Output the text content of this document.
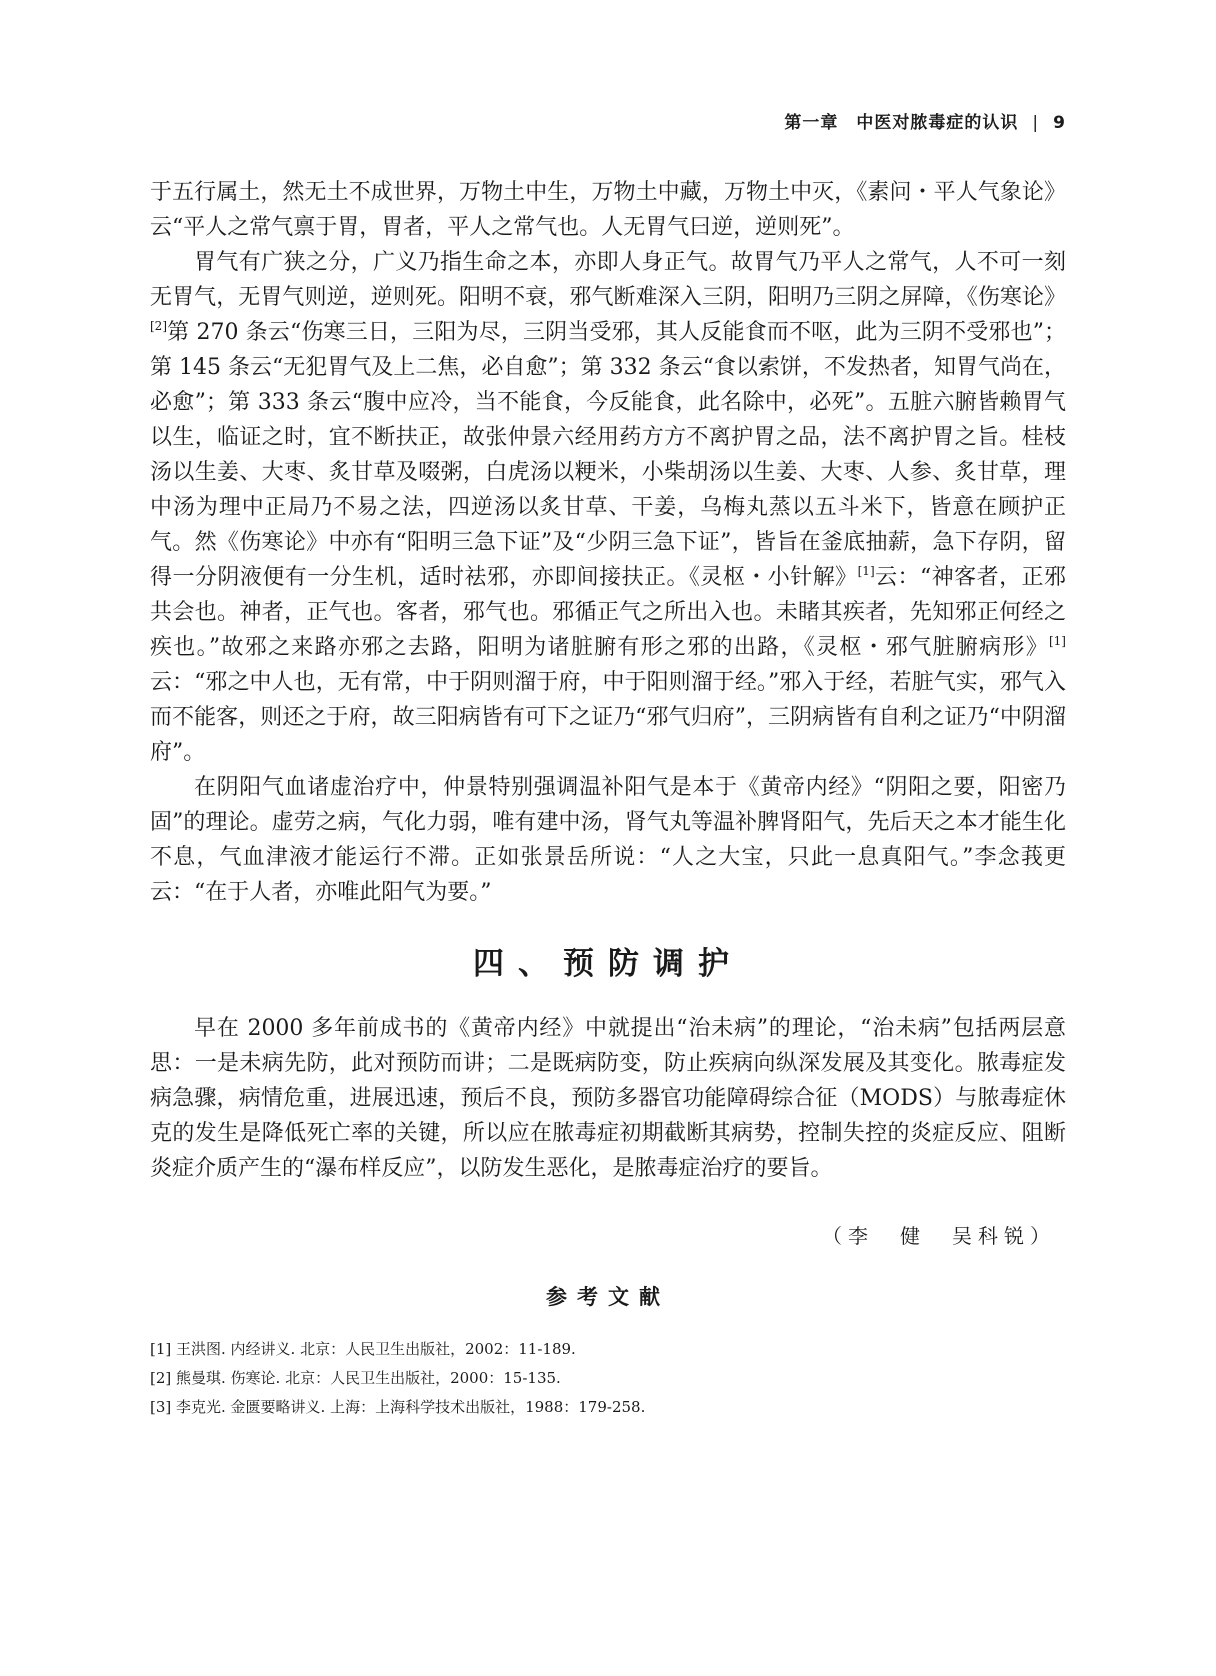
第一章　 中医对脓毒症的认识 | 9

于五行属土，然无土不成世界，万物土中生，万物土中藏，万物土中灭，《素问・平人气象论》云“平人之常气禀于胃，胃者，平人之常气也。人无胃气曰逆，逆则死”。

胃气有广狭之分，广义乃指生命之本，亦即人身正气。故胃气乃平人之常气，人不可一刻无胃气，无胃气则逆，逆则死。阳明不衰，邪气断难深入三阴，阳明乃三阴之屏障，《伤寒论》[2]第 270 条云“伤寒三日，三阳为尽，三阴当受邪，其人反能食而不呕，此为三阴不受邪也”；第 145 条云“无犯胃气及上二焦，必自愈”；第 332 条云“食以索饼，不发热者，知胃气尚在，必愈”；第 333 条云“腹中应冷，当不能食，今反能食，此名除中，必死”。五脏六腑皆赖胃气以生，临证之时，宜不断扶正，故张仲景六经用药方方不离护胃之品，法不离护胃之旨。桂枝汤以生姜、大枣、炙甘草及啜粥，白虎汤以粳米，小柴胡汤以生姜、大枣、人参、炙甘草，理中汤为理中正局乃不易之法，四逆汤以炙甘草、干姜，乌梅丸蒸以五斗米下，皆意在顾护正气。然《伤寒论》中亦有“阳明三急下证”及“少阴三急下证”，皆旨在釜底抽薪，急下存阴，留得一分阴液便有一分生机，适时祛邪，亦即间接扶正。《灵枢・小针解》[1]云：“神客者，正邪共会也。神者，正气也。客者，邪气也。邪循正气之所出入也。未睹其疾者，先知邪正何经之疾也。”故邪之来路亦邪之去路，阳明为诸脏腑有形之邪的出路，《灵枢・邪气脏腑病形》[1]云：“邪之中人也，无有常，中于阴则溜于府，中于阳则溜于经。”邪入于经，若脏气实，邪气入而不能客，则还之于府，故三阳病皆有可下之证乃“邪气归府”，三阴病皆有自利之证乃“中阴溜府”。

在阴阳气血诸虚治疗中，仲景特别强调温补阳气是本于《黄帝内经》“阴阳之要，阳密乃固”的理论。虚劳之病，气化力弱，唯有建中汤，肾气丸等温补脾肾阳气，先后天之本才能生化不息，气血津液才能运行不滞。正如张景岳所说：“人之大宝，只此一息真阳气。”李念莪更云：“在于人者，亦唯此阳气为要。”

四、预防调护

早在 2000 多年前成书的《黄帝内经》中就提出“治未病”的理论，“治未病”包括两层意思：一是未病先防，此对预防而讲；二是既病防变，防止疾病向纵深发展及其变化。脓毒症发病急骤，病情危重，进展迅速，预后不良，预防多器官功能障碍综合征（MODS）与脓毒症休克的发生是降低死亡率的关键，所以应在脓毒症初期截断其病势，控制失控的炎症反应、阻断炎症介质产生的“瀑布样反应”，以防发生恶化，是脓毒症治疗的要旨。

（李　健　吴科锐）
参考文献
[1] 王洪图. 内经讲义. 北京：人民卫生出版社，2002：11-189.
[2] 熊曼琪. 伤寒论. 北京：人民卫生出版社，2000：15-135.
[3] 李克光. 金匮要略讲义. 上海：上海科学技术出版社，1988：179-258.
